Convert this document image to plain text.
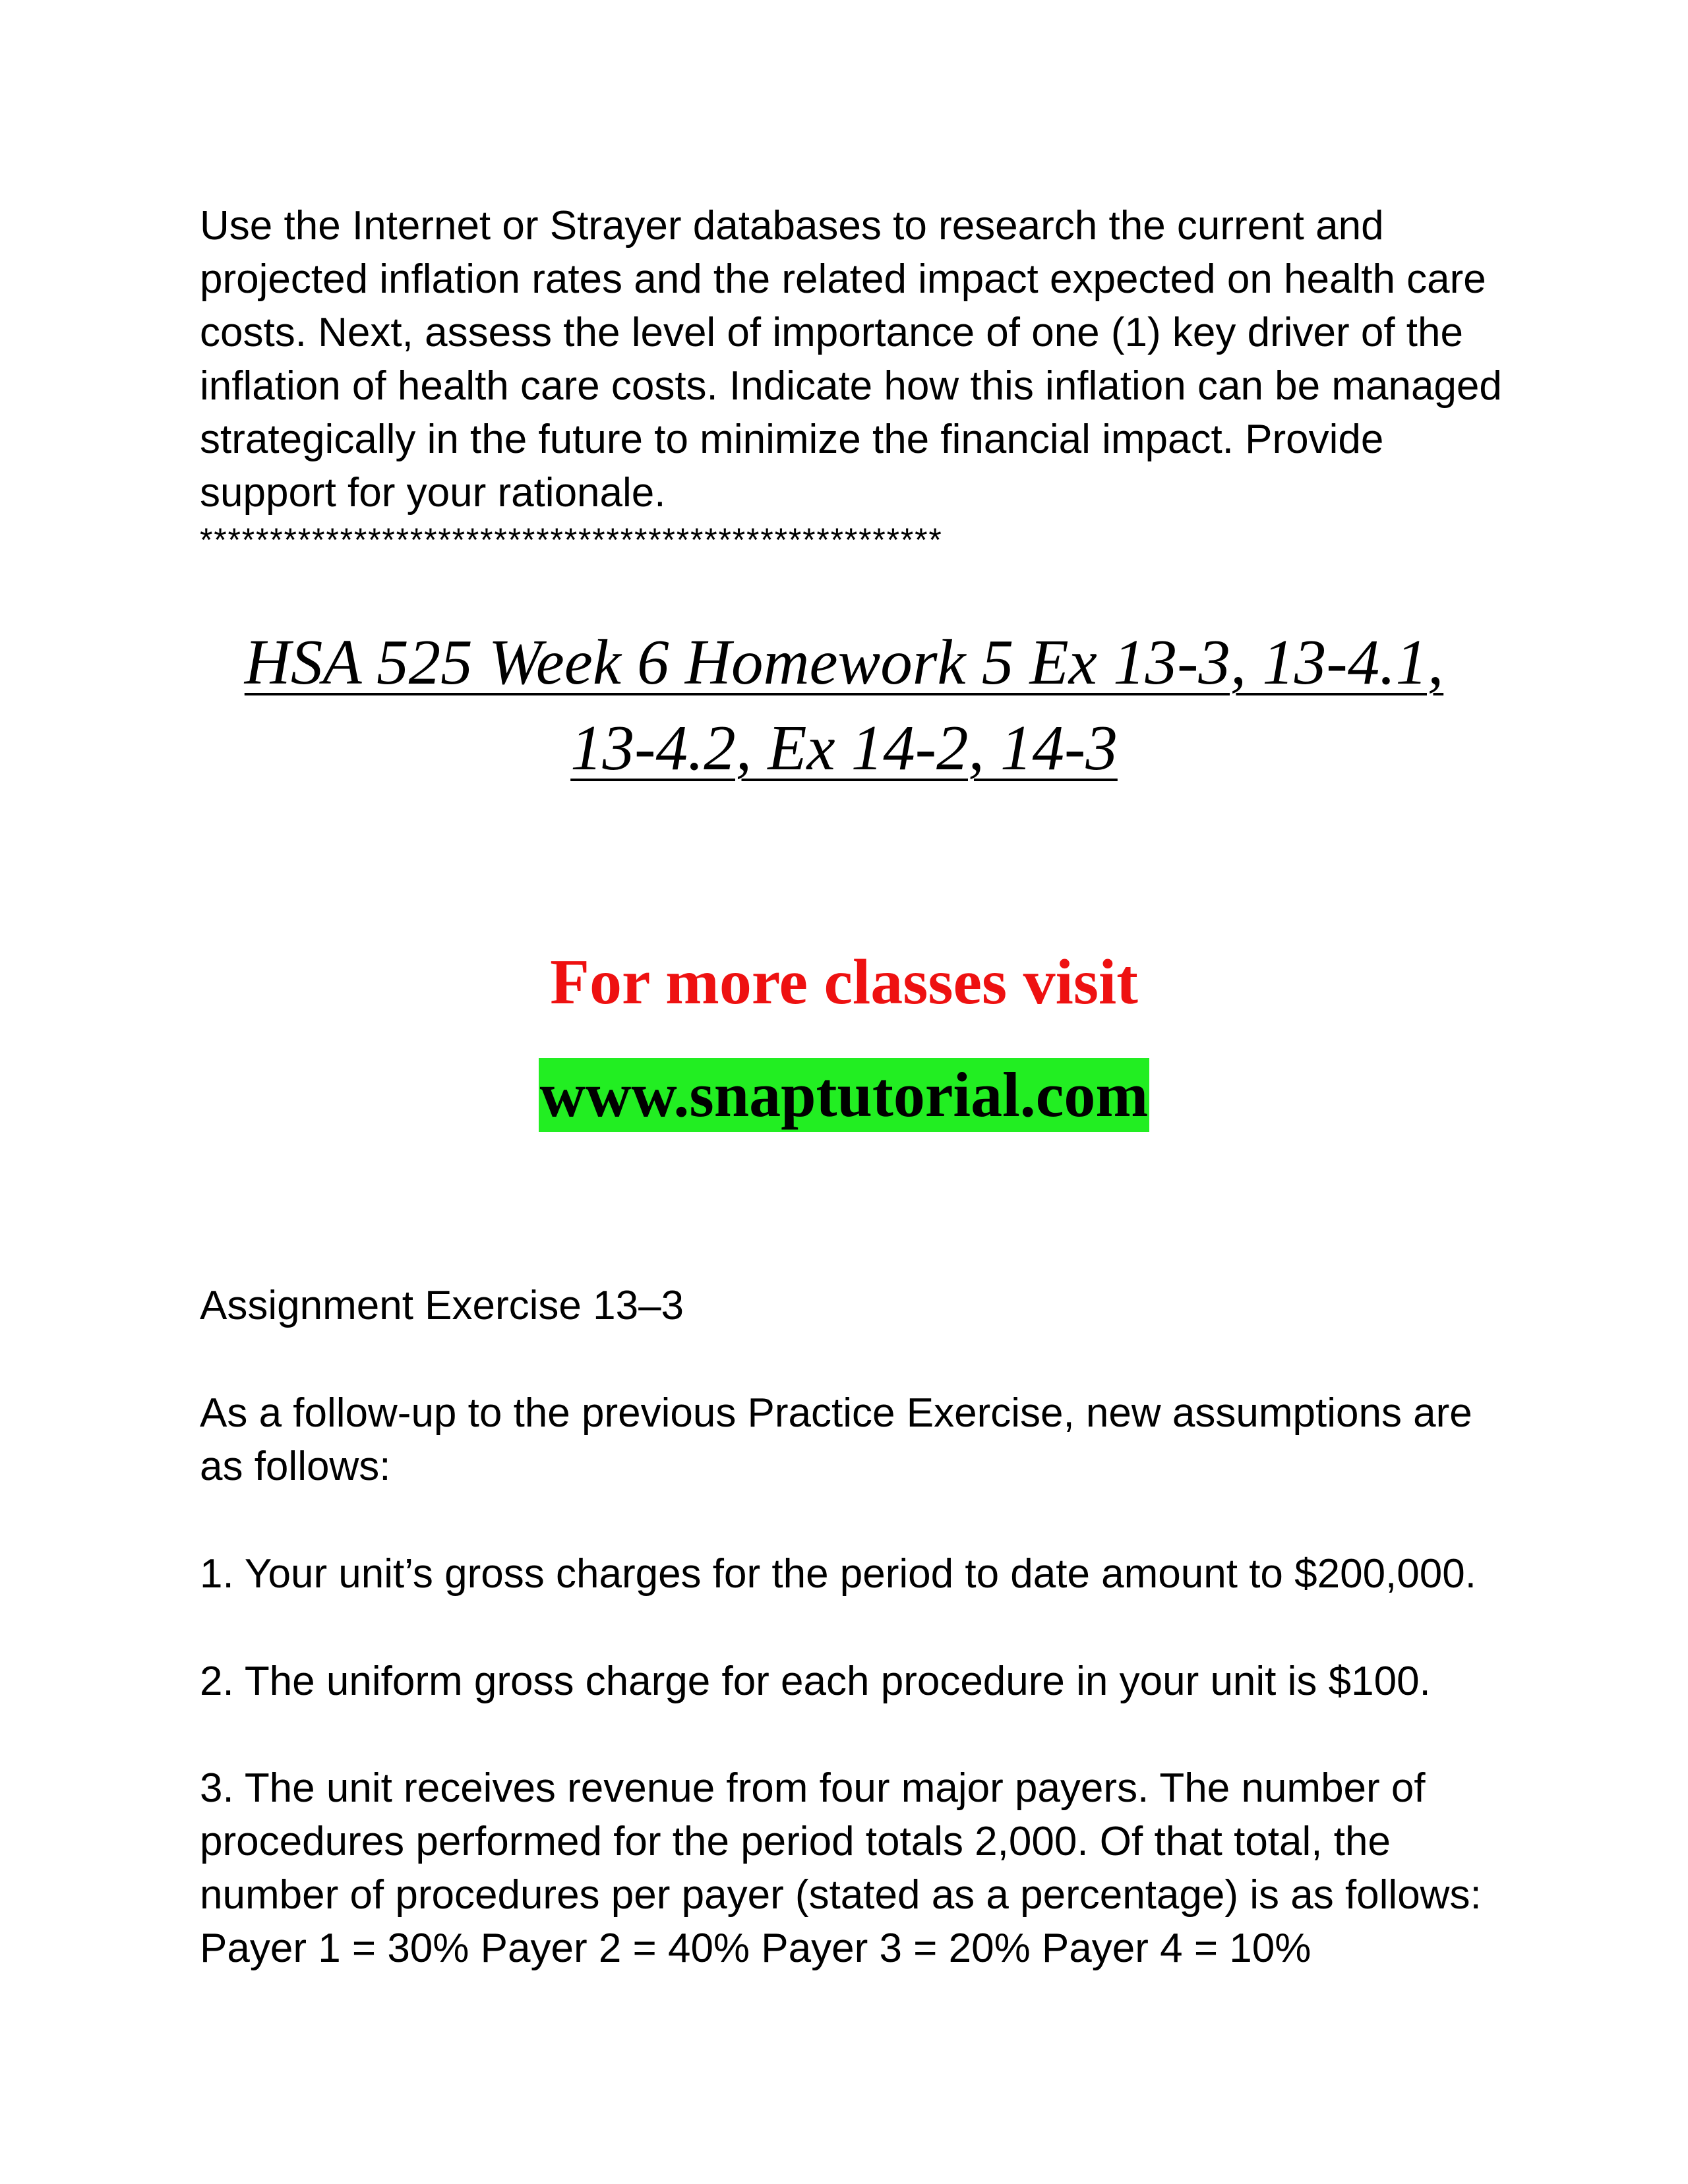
Use the Internet or Strayer databases to research the current and projected inflation rates and the related impact expected on health care costs. Next, assess the level of importance of one (1) key driver of the inflation of health care costs. Indicate how this inflation can be managed strategically in the future to minimize the financial impact. Provide support for your rationale.

*****************************************************
HSA 525 Week 6 Homework 5 Ex 13-3, 13-4.1,
13-4.2, Ex 14-2, 14-3
For more classes visit
www.snaptutorial.com

Assignment Exercise 13–3

As a follow-up to the previous Practice Exercise, new assumptions are as follows:

1. Your unit’s gross charges for the period to date amount to $200,000.

2. The uniform gross charge for each procedure in your unit is $100.

3. The unit receives revenue from four major payers. The number of procedures performed for the period totals 2,000. Of that total, the number of procedures per payer (stated as a percentage) is as follows: Payer 1 = 30% Payer 2 = 40% Payer 3 = 20% Payer 4 = 10%
